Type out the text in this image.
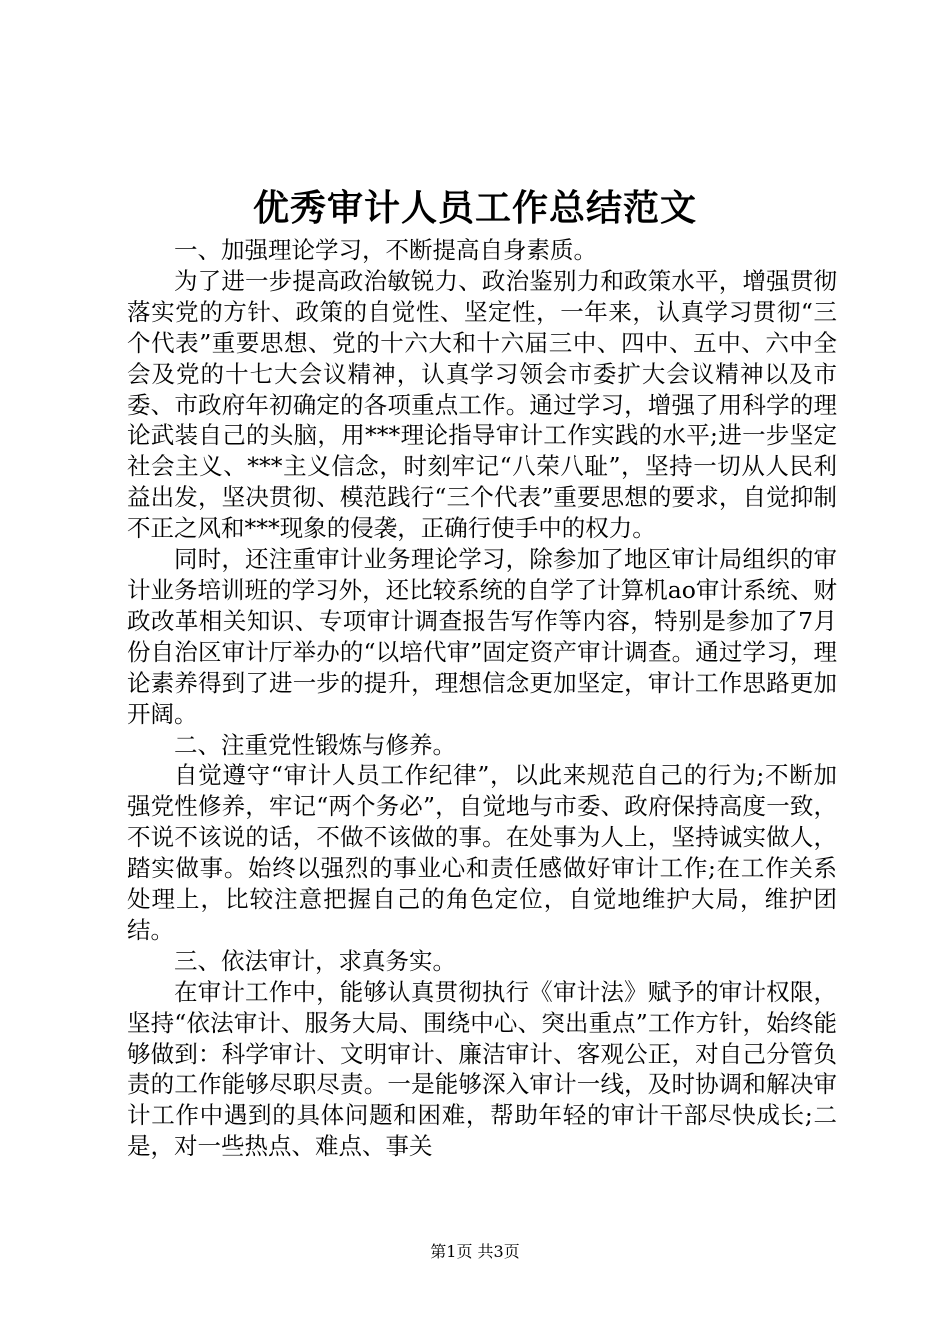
优秀审计人员工作总结范文

一、加强理论学习，不断提高自身素质。

为了进一步提高政治敏锐力、政治鉴别力和政策水平，增强贯彻落实党的方针、政策的自觉性、坚定性，一年来，认真学习贯彻“三个代表”重要思想、党的十六大和十六届三中、四中、五中、六中全会及党的十七大会议精神，认真学习领会市委扩大会议精神以及市委、市政府年初确定的各项重点工作。通过学习，增强了用科学的理论武装自己的头脑，用***理论指导审计工作实践的水平;进一步坚定社会主义、***主义信念，时刻牢记“八荣八耻”，坚持一切从人民利益出发，坚决贯彻、模范践行“三个代表”重要思想的要求，自觉抑制不正之风和***现象的侵袭，正确行使手中的权力。

同时，还注重审计业务理论学习，除参加了地区审计局组织的审计业务培训班的学习外，还比较系统的自学了计算机ao审计系统、财政改革相关知识、专项审计调查报告写作等内容，特别是参加了7月份自治区审计厅举办的“以培代审”固定资产审计调查。通过学习，理论素养得到了进一步的提升，理想信念更加坚定，审计工作思路更加开阔。

二、注重党性锻炼与修养。

自觉遵守“审计人员工作纪律”，以此来规范自己的行为;不断加强党性修养，牢记“两个务必”，自觉地与市委、政府保持高度一致，不说不该说的话，不做不该做的事。在处事为人上，坚持诚实做人，踏实做事。始终以强烈的事业心和责任感做好审计工作;在工作关系处理上，比较注意把握自己的角色定位，自觉地维护大局，维护团结。

三、依法审计，求真务实。

在审计工作中，能够认真贯彻执行《审计法》赋予的审计权限，坚持“依法审计、服务大局、围绕中心、突出重点”工作方针，始终能够做到：科学审计、文明审计、廉洁审计、客观公正，对自己分管负责的工作能够尽职尽责。一是能够深入审计一线，及时协调和解决审计工作中遇到的具体问题和困难，帮助年轻的审计干部尽快成长;二是，对一些热点、难点、事关

第1页 共3页
